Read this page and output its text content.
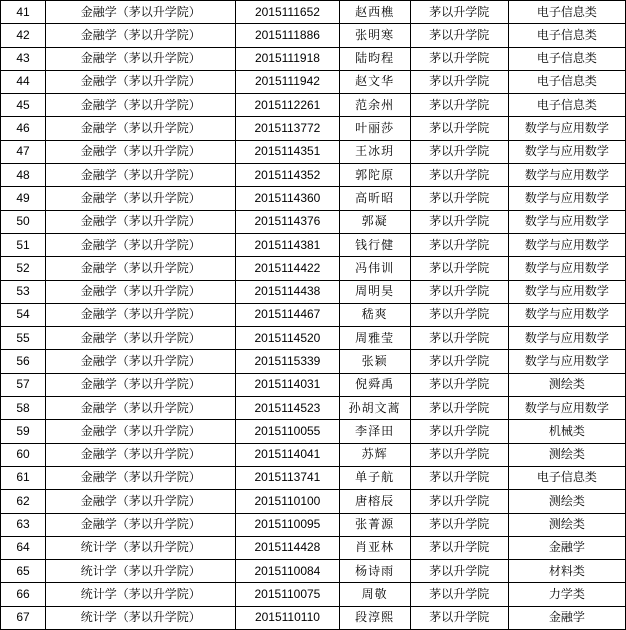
41	金融学（茅以升学院）	2015111652	赵西樵	茅以升学院	电子信息类
42	金融学（茅以升学院）	2015111886	张明寒	茅以升学院	电子信息类
43	金融学（茅以升学院）	2015111918	陆昀程	茅以升学院	电子信息类
44	金融学（茅以升学院）	2015111942	赵文华	茅以升学院	电子信息类
45	金融学（茅以升学院）	2015112261	范余州	茅以升学院	电子信息类
46	金融学（茅以升学院）	2015113772	叶丽莎	茅以升学院	数学与应用数学
47	金融学（茅以升学院）	2015114351	王冰玥	茅以升学院	数学与应用数学
48	金融学（茅以升学院）	2015114352	郭陀原	茅以升学院	数学与应用数学
49	金融学（茅以升学院）	2015114360	高昕昭	茅以升学院	数学与应用数学
50	金融学（茅以升学院）	2015114376	郭凝	茅以升学院	数学与应用数学
51	金融学（茅以升学院）	2015114381	钱行健	茅以升学院	数学与应用数学
52	金融学（茅以升学院）	2015114422	冯伟训	茅以升学院	数学与应用数学
53	金融学（茅以升学院）	2015114438	周明昊	茅以升学院	数学与应用数学
54	金融学（茅以升学院）	2015114467	嵇爽	茅以升学院	数学与应用数学
55	金融学（茅以升学院）	2015114520	周雅莹	茅以升学院	数学与应用数学
56	金融学（茅以升学院）	2015115339	张颖	茅以升学院	数学与应用数学
57	金融学（茅以升学院）	2015114031	倪舜禹	茅以升学院	测绘类
58	金融学（茅以升学院）	2015114523	孙胡文蒿	茅以升学院	数学与应用数学
59	金融学（茅以升学院）	2015110055	李泽田	茅以升学院	机械类
60	金融学（茅以升学院）	2015114041	苏辉	茅以升学院	测绘类
61	金融学（茅以升学院）	2015113741	单子航	茅以升学院	电子信息类
62	金融学（茅以升学院）	2015110100	唐榕辰	茅以升学院	测绘类
63	金融学（茅以升学院）	2015110095	张菁源	茅以升学院	测绘类
64	统计学（茅以升学院）	2015114428	肖亚林	茅以升学院	金融学
65	统计学（茅以升学院）	2015110084	杨诗雨	茅以升学院	材料类
66	统计学（茅以升学院）	2015110075	周敬	茅以升学院	力学类
67	统计学（茅以升学院）	2015110110	段淳熙	茅以升学院	金融学
